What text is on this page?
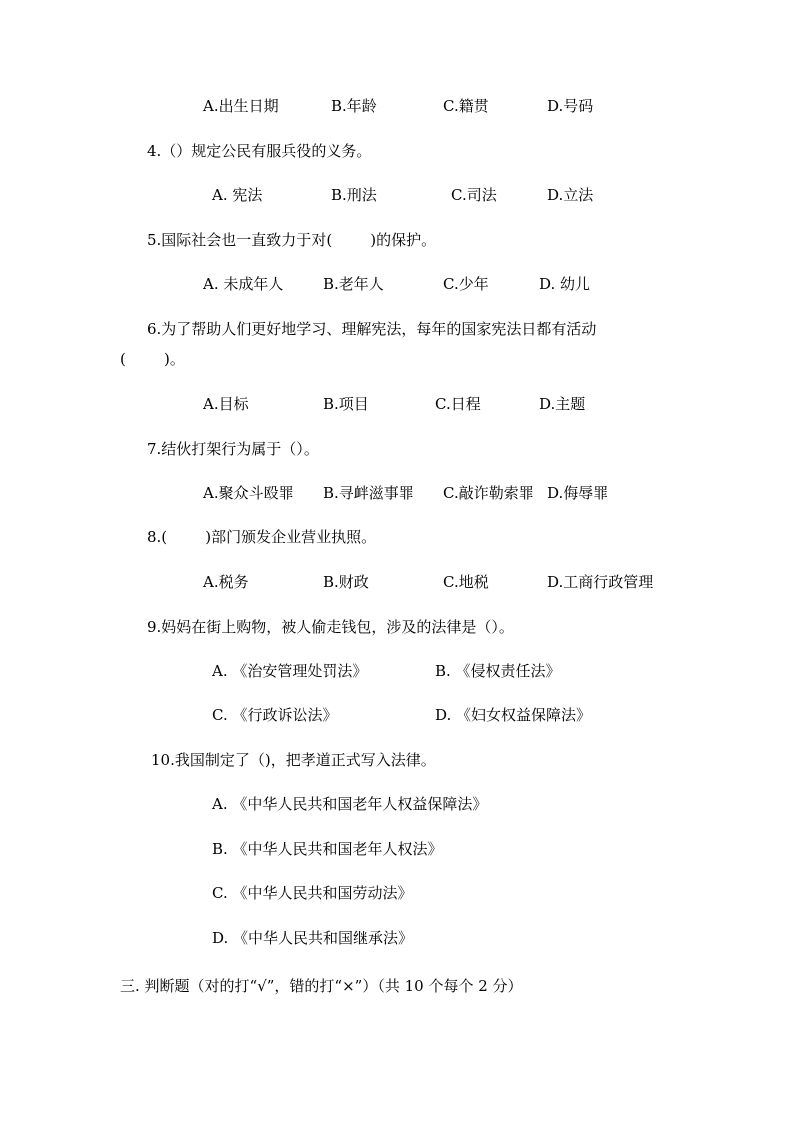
A.出生日期	B.年龄	C.籍贯	D.号码
4.（）规定公民有服兵役的义务。
A. 宪法	B.刑法	C.司法	D.立法
5.国际社会也一直致力于对(        )的保护。
A. 未成年人	B.老年人	C.少年	D. 幼儿
6.为了帮助人们更好地学习、理解宪法，每年的国家宪法日都有活动
(        )。
A.目标	B.项目	C.日程	D.主题
7.结伙打架行为属于（）。
A.聚众斗殴罪 B.寻衅滋事罪 C.敲诈勒索罪 D.侮辱罪
8.(        )部门颁发企业营业执照。
A.税务	B.财政	C.地税	D.工商行政管理
9.妈妈在街上购物，被人偷走钱包，涉及的法律是（）。
A. 《治安管理处罚法》	B. 《侵权责任法》
C. 《行政诉讼法》	D. 《妇女权益保障法》
10.我国制定了（)，把孝道正式写入法律。
A. 《中华人民共和国老年人权益保障法》
B. 《中华人民共和国老年人权法》
C. 《中华人民共和国劳动法》
D. 《中华人民共和国继承法》
三. 判断题（对的打“√”，错的打“×”）（共 10 个每个 2 分）
